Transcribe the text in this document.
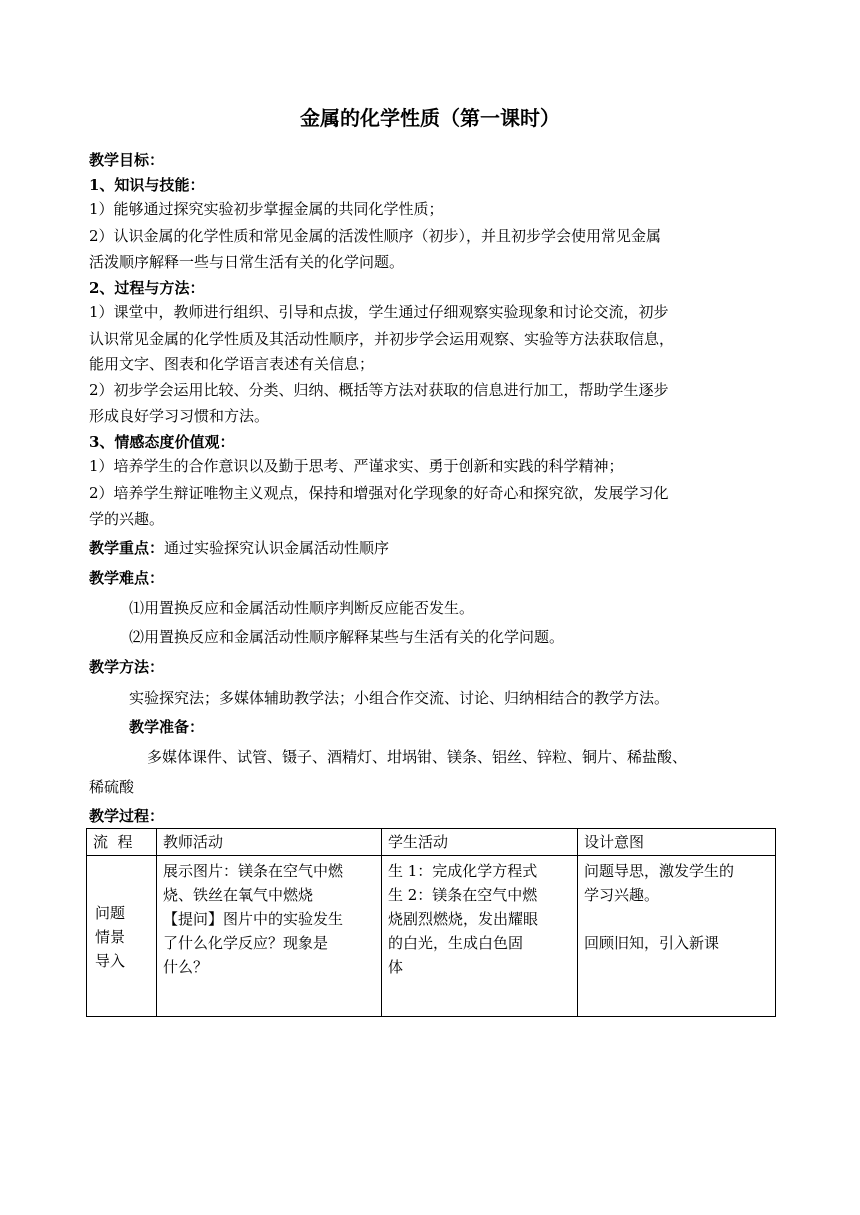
金属的化学性质（第一课时）
教学目标：
1、知识与技能：
1）能够通过探究实验初步掌握金属的共同化学性质；
2）认识金属的化学性质和常见金属的活泼性顺序（初步），并且初步学会使用常见金属
活泼顺序解释一些与日常生活有关的化学问题。
2、过程与方法：
1）课堂中，教师进行组织、引导和点拔，学生通过仔细观察实验现象和讨论交流，初步
认识常见金属的化学性质及其活动性顺序，并初步学会运用观察、实验等方法获取信息，
能用文字、图表和化学语言表述有关信息；
2）初步学会运用比较、分类、归纳、概括等方法对获取的信息进行加工，帮助学生逐步
形成良好学习习惯和方法。
3、情感态度价值观：
1）培养学生的合作意识以及勤于思考、严谨求实、勇于创新和实践的科学精神；
2）培养学生辩证唯物主义观点，保持和增强对化学现象的好奇心和探究欲，发展学习化
学的兴趣。
教学重点：通过实验探究认识金属活动性顺序
教学难点：
⑴用置换反应和金属活动性顺序判断反应能否发生。
⑵用置换反应和金属活动性顺序解释某些与生活有关的化学问题。
教学方法：
实验探究法；多媒体辅助教学法；小组合作交流、讨论、归纳相结合的教学方法。
教学准备：
多媒体课件、试管、镊子、酒精灯、坩埚钳、镁条、铝丝、锌粒、铜片、稀盐酸、
稀硫酸
教学过程：
流  程	教师活动	学生活动	设计意图

问题
情景
导入	展示图片：镁条在空气中燃
烧、铁丝在氧气中燃烧
【提问】图片中的实验发生
了什么化学反应？现象是
什么？	生 1：完成化学方程式
生 2：镁条在空气中燃
烧剧烈燃烧，发出耀眼
的白光，生成白色固
体	问题导思，激发学生的
学习兴趣。
回顾旧知，引入新课
